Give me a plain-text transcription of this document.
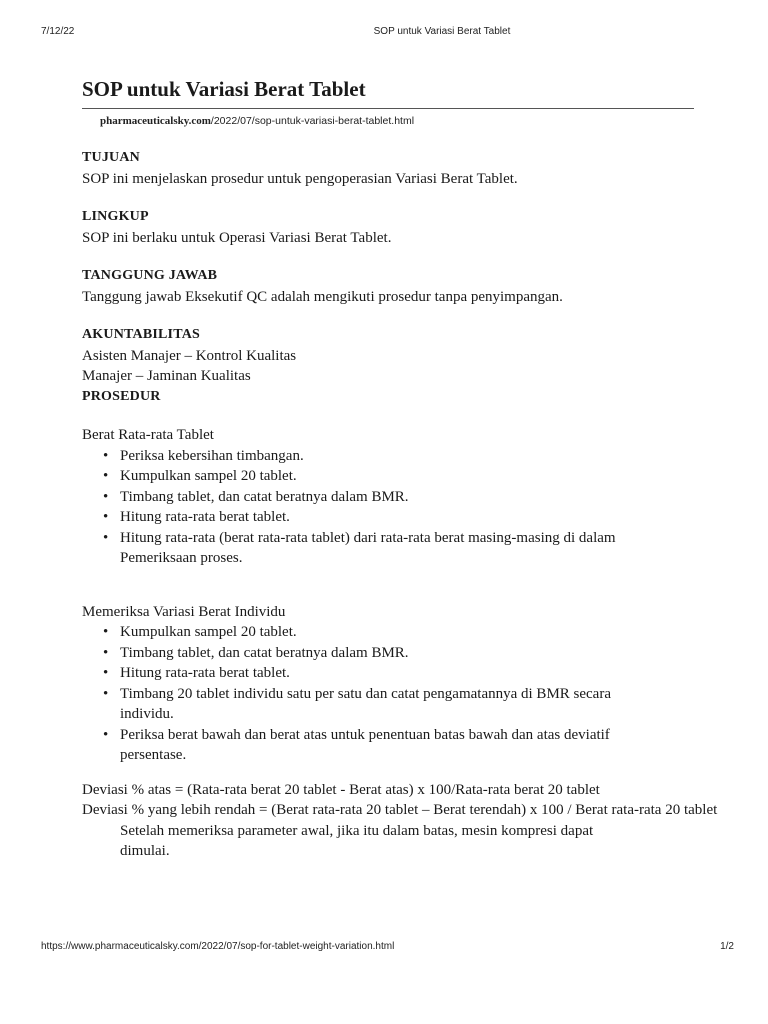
7/12/22	SOP untuk Variasi Berat Tablet
SOP untuk Variasi Berat Tablet
pharmaceuticalsky.com/2022/07/sop-untuk-variasi-berat-tablet.html
TUJUAN

SOP ini menjelaskan prosedur untuk pengoperasian Variasi Berat Tablet.

LINGKUP

SOP ini berlaku untuk Operasi Variasi Berat Tablet.

TANGGUNG JAWAB

Tanggung jawab Eksekutif QC adalah mengikuti prosedur tanpa penyimpangan.

AKUNTABILITAS

Asisten Manajer – Kontrol Kualitas

Manajer – Jaminan Kualitas

PROSEDUR

Berat Rata-rata Tablet

• Periksa kebersihan timbangan.
• Kumpulkan sampel 20 tablet.
• Timbang tablet, dan catat beratnya dalam BMR.
• Hitung rata-rata berat tablet.
• Hitung rata-rata (berat rata-rata tablet) dari rata-rata berat masing-masing di dalam Pemeriksaan proses.

Memeriksa Variasi Berat Individu

• Kumpulkan sampel 20 tablet.
• Timbang tablet, dan catat beratnya dalam BMR.
• Hitung rata-rata berat tablet.
• Timbang 20 tablet individu satu per satu dan catat pengamatannya di BMR secara individu.
• Periksa berat bawah dan berat atas untuk penentuan batas bawah dan atas deviatif persentase.

Deviasi % atas = (Rata-rata berat 20 tablet - Berat atas) x 100/Rata-rata berat 20 tablet

Deviasi % yang lebih rendah = (Berat rata-rata 20 tablet – Berat terendah) x 100 / Berat rata-rata 20 tablet

Setelah memeriksa parameter awal, jika itu dalam batas, mesin kompresi dapat dimulai.

https://www.pharmaceuticalsky.com/2022/07/sop-for-tablet-weight-variation.html	1/2
